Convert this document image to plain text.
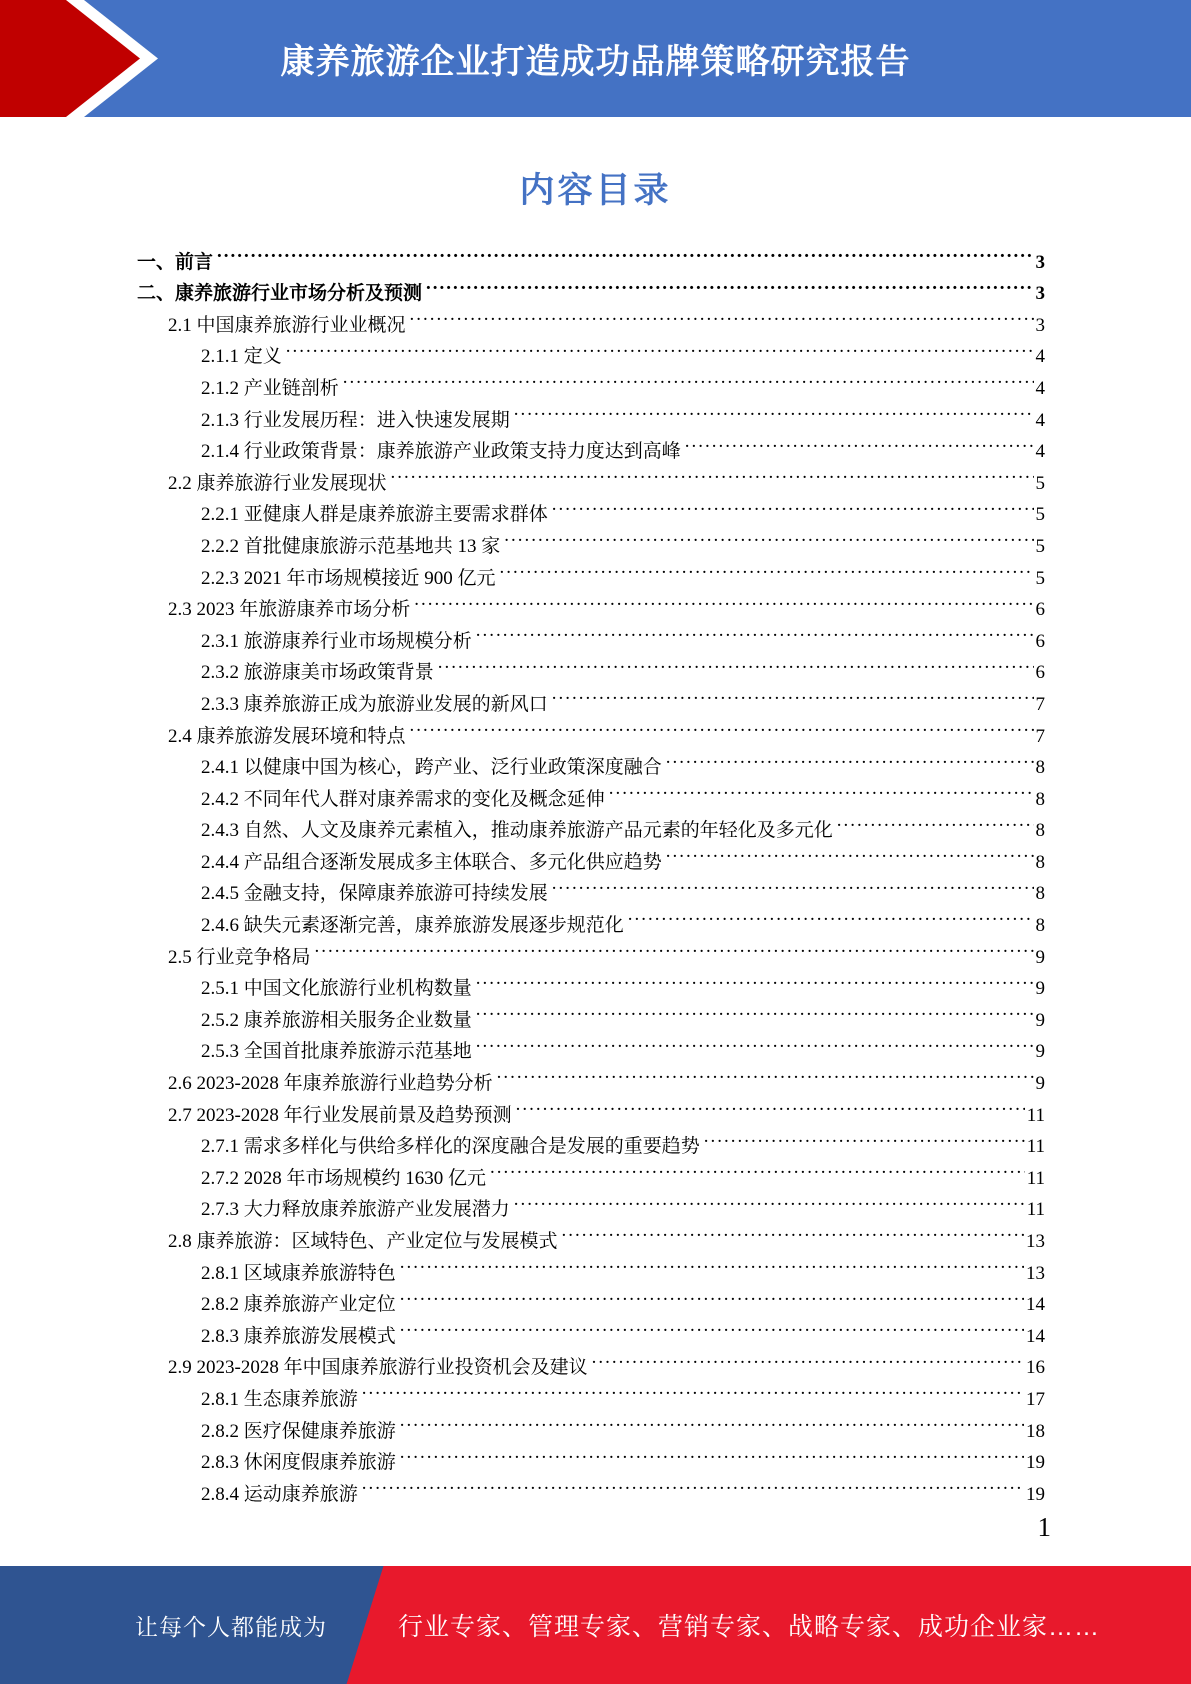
康养旅游企业打造成功品牌策略研究报告
内容目录
一、前言 .....	3
二、康养旅游行业市场分析及预测 .....	3
2.1 中国康养旅游行业业概况 .....	3
2.1.1 定义 .....	4
2.1.2 产业链剖析 .....	4
2.1.3 行业发展历程：进入快速发展期 .....	4
2.1.4 行业政策背景：康养旅游产业政策支持力度达到高峰 .....	4
2.2 康养旅游行业发展现状 .....	5
2.2.1 亚健康人群是康养旅游主要需求群体 .....	5
2.2.2 首批健康旅游示范基地共 13 家 .....	5
2.2.3 2021 年市场规模接近 900 亿元 .....	5
2.3 2023 年旅游康养市场分析 .....	6
2.3.1 旅游康养行业市场规模分析 .....	6
2.3.2 旅游康美市场政策背景 .....	6
2.3.3 康养旅游正成为旅游业发展的新风口 .....	7
2.4 康养旅游发展环境和特点 .....	7
2.4.1 以健康中国为核心，跨产业、泛行业政策深度融合 .....	8
2.4.2 不同年代人群对康养需求的变化及概念延伸 .....	8
2.4.3 自然、人文及康养元素植入，推动康养旅游产品元素的年轻化及多元化 .....	8
2.4.4 产品组合逐渐发展成多主体联合、多元化供应趋势 .....	8
2.4.5 金融支持，保障康养旅游可持续发展 .....	8
2.4.6 缺失元素逐渐完善，康养旅游发展逐步规范化 .....	8
2.5 行业竞争格局 .....	9
2.5.1 中国文化旅游行业机构数量 .....	9
2.5.2 康养旅游相关服务企业数量 .....	9
2.5.3 全国首批康养旅游示范基地 .....	9
2.6 2023-2028 年康养旅游行业趋势分析 .....	9
2.7 2023-2028 年行业发展前景及趋势预测 .....	11
2.7.1 需求多样化与供给多样化的深度融合是发展的重要趋势 .....	11
2.7.2 2028 年市场规模约 1630 亿元 .....	11
2.7.3 大力释放康养旅游产业发展潜力 .....	11
2.8 康养旅游：区域特色、产业定位与发展模式 .....	13
2.8.1 区域康养旅游特色 .....	13
2.8.2 康养旅游产业定位 .....	14
2.8.3 康养旅游发展模式 .....	14
2.9 2023-2028 年中国康养旅游行业投资机会及建议 .....	16
2.8.1 生态康养旅游 .....	17
2.8.2 医疗保健康养旅游 .....	18
2.8.3 休闲度假康养旅游 .....	19
2.8.4 运动康养旅游 .....	19
1
让每个人都能成为	行业专家、管理专家、营销专家、战略专家、成功企业家……
